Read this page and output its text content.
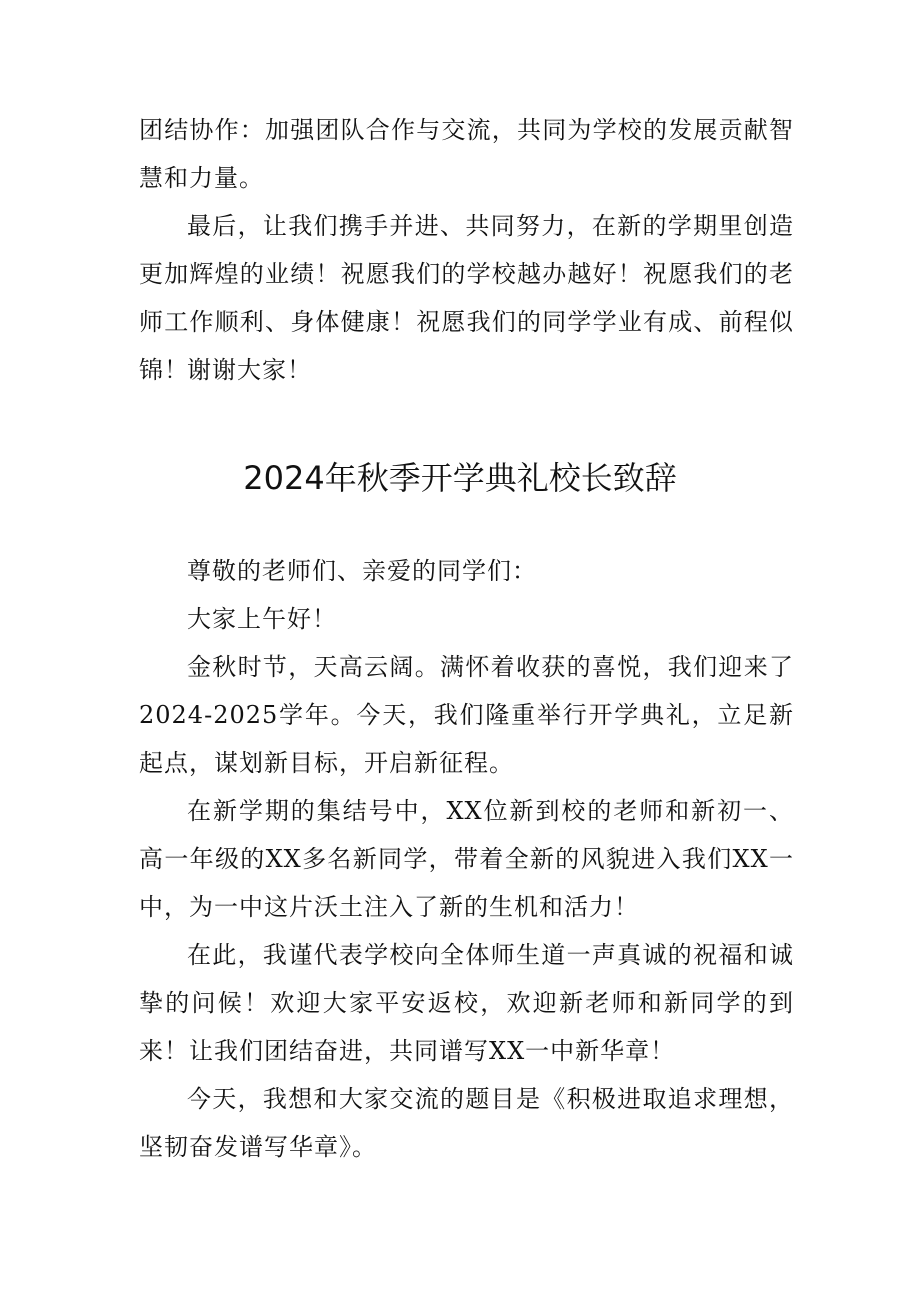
团结协作：加强团队合作与交流，共同为学校的发展贡献智慧和力量。

最后，让我们携手并进、共同努力，在新的学期里创造更加辉煌的业绩！祝愿我们的学校越办越好！祝愿我们的老师工作顺利、身体健康！祝愿我们的同学学业有成、前程似锦！

谢谢大家！

2024年秋季开学典礼校长致辞

尊敬的老师们、亲爱的同学们：

大家上午好！

金秋时节，天高云阔。满怀着收获的喜悦，我们迎来了2024-2025学年。今天，我们隆重举行开学典礼，立足新起点，谋划新目标，开启新征程。

在新学期的集结号中，XX位新到校的老师和新初一、高一年级的XX多名新同学，带着全新的风貌进入我们XX一中，为一中这片沃土注入了新的生机和活力！

在此，我谨代表学校向全体师生道一声真诚的祝福和诚挚的问候！欢迎大家平安返校，欢迎新老师和新同学的到来！让我们团结奋进，共同谱写XX一中新华章！

今天，我想和大家交流的题目是《积极进取追求理想，坚韧奋发谱写华章》。
